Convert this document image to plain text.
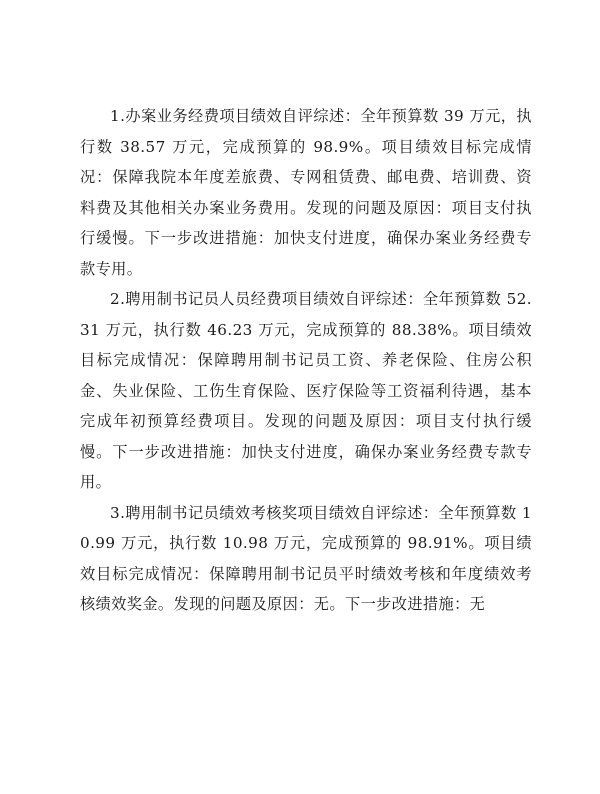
1.办案业务经费项目绩效自评综述：全年预算数 39 万元，执行数 38.57 万元，完成预算的 98.9%。项目绩效目标完成情况：保障我院本年度差旅费、专网租赁费、邮电费、培训费、资料费及其他相关办案业务费用。发现的问题及原因：项目支付执行缓慢。下一步改进措施：加快支付进度，确保办案业务经费专款专用。

2.聘用制书记员人员经费项目绩效自评综述：全年预算数 52.31 万元，执行数 46.23 万元，完成预算的 88.38%。项目绩效目标完成情况：保障聘用制书记员工资、养老保险、住房公积金、失业保险、工伤生育保险、医疗保险等工资福利待遇，基本完成年初预算经费项目。发现的问题及原因：项目支付执行缓慢。下一步改进措施：加快支付进度，确保办案业务经费专款专用。

3.聘用制书记员绩效考核奖项目绩效自评综述：全年预算数 10.99 万元，执行数 10.98 万元，完成预算的 98.91%。项目绩效目标完成情况：保障聘用制书记员平时绩效考核和年度绩效考核绩效奖金。发现的问题及原因：无。下一步改进措施：无
